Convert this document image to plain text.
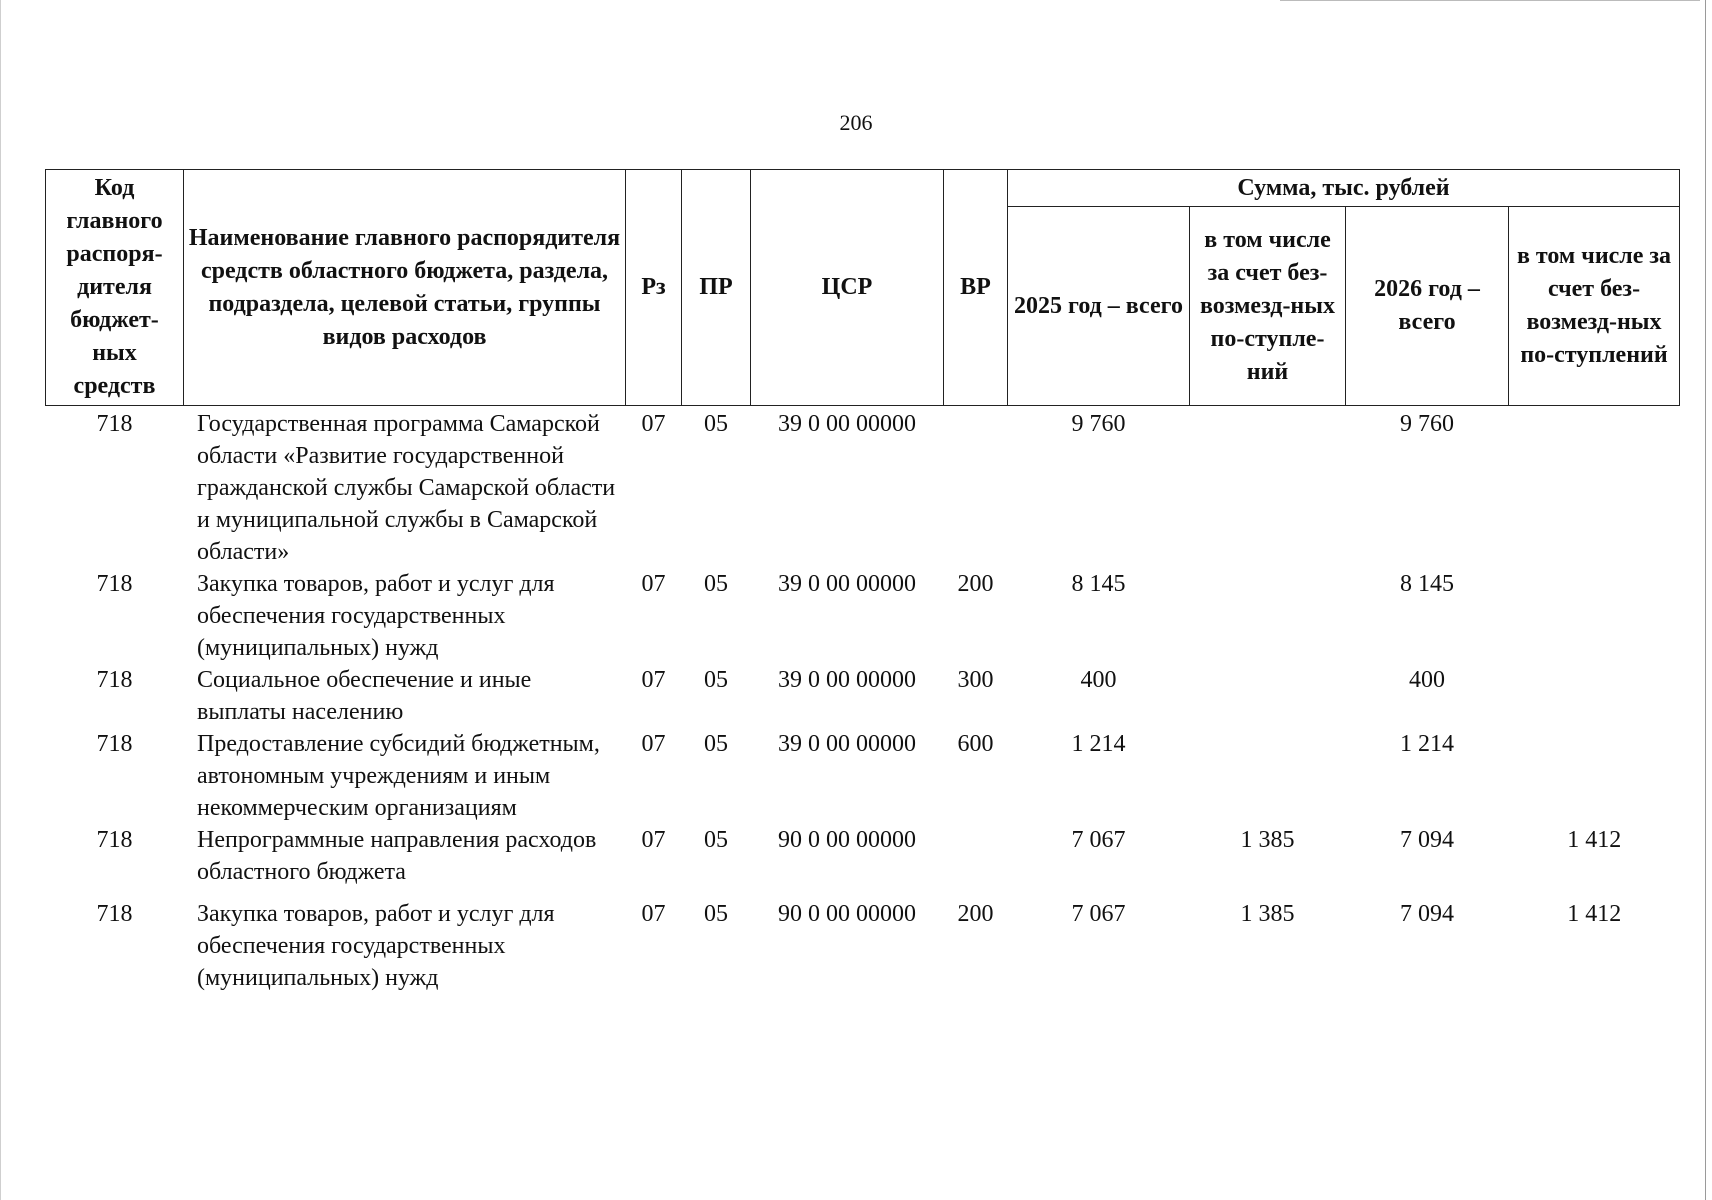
206
Код главного распоря-дителя бюджет-ных средств	Наименование главного распорядителя средств областного бюджета, раздела, подраздела, целевой статьи, группы видов расходов	Рз	ПР	ЦСР	ВР	Сумма, тыс. рублей			
						2025 год – всего	в том числе за счет без-возмезд-ных по-ступле-ний	2026 год – всего	в том числе за счет без-возмезд-ных по-ступлений
718	Государственная программа Самарской области «Развитие государственной гражданской службы Самарской области и муниципальной службы в Самарской области»	07	05	39 0 00 00000		9 760		9 760	
718	Закупка товаров, работ и услуг для обеспечения государственных (муниципальных) нужд	07	05	39 0 00 00000	200	8 145		8 145	
718	Социальное обеспечение и иные выплаты населению	07	05	39 0 00 00000	300	400		400	
718	Предоставление субсидий бюджетным, автономным учреждениям и иным некоммерческим организациям	07	05	39 0 00 00000	600	1 214		1 214	
718	Непрограммные направления расходов областного бюджета	07	05	90 0 00 00000		7 067	1 385	7 094	1 412
718	Закупка товаров, работ и услуг для обеспечения государственных (муниципальных) нужд	07	05	90 0 00 00000	200	7 067	1 385	7 094	1 412
